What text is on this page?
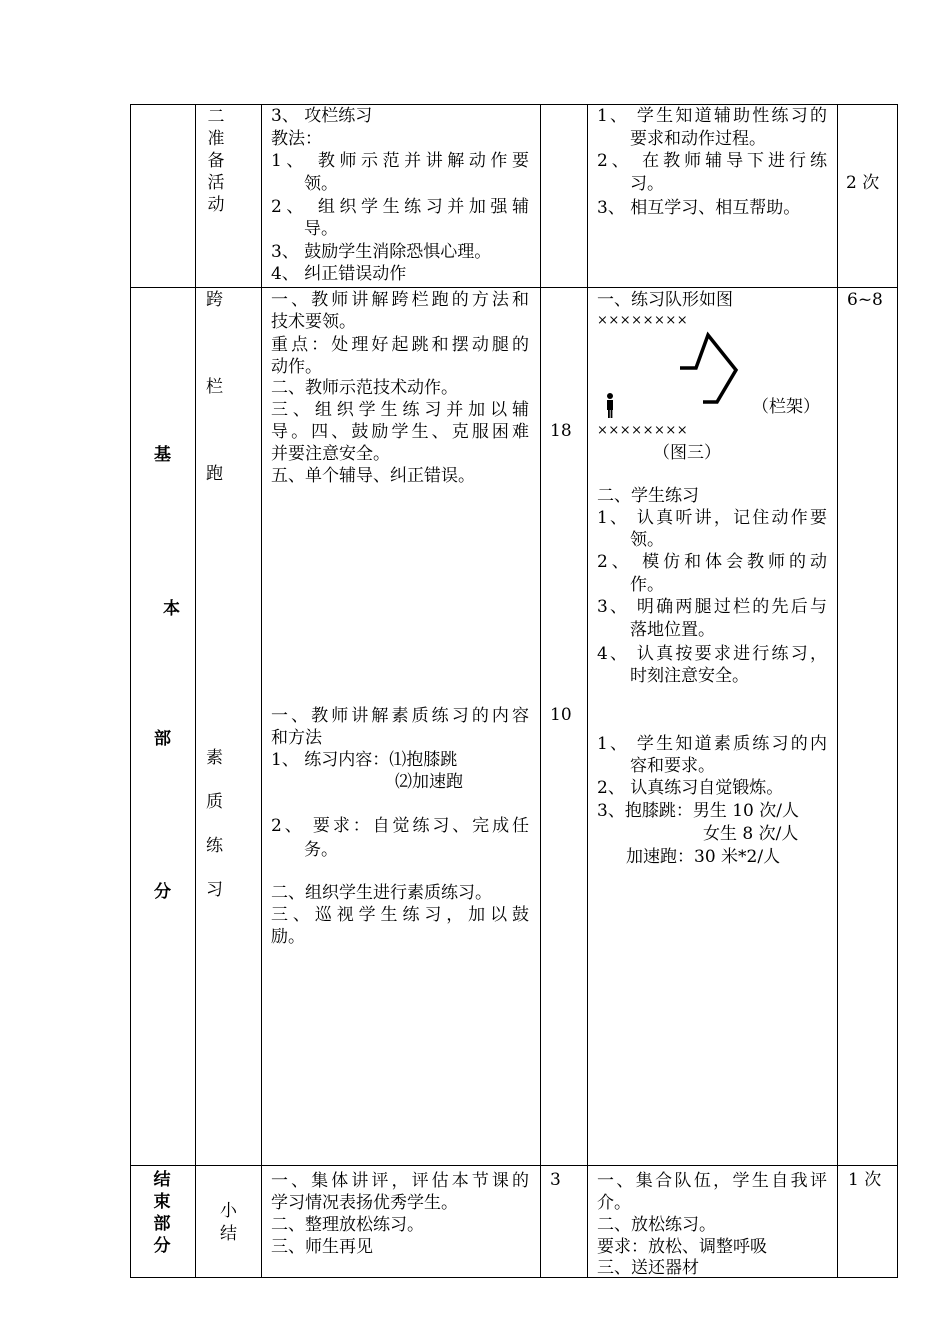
二
准
备
活
动
3、 攻栏练习
教法：
1、 教师示范并讲解动作要
领。
2、 组织学生练习并加强辅
导。
3、 鼓励学生消除恐惧心理。
4、 纠正错误动作
1、 学生知道辅助性练习的
要求和动作过程。
2、 在教师辅导下进行练
习。
3、 相互学习、相互帮助。
2 次
基
本
部
分
跨
栏
跑
素
质
练
习
一、教师讲解跨栏跑的方法和
技术要领。
重点：处理好起跳和摆动腿的
动作。
二、教师示范技术动作。
三、组织学生练习并加以辅
导。四、鼓励学生、克服困难
并要注意安全。
五、单个辅导、纠正错误。
18
一、练习队形如图
××××××××
（栏架）
××××××××
（图三）
二、学生练习
1、 认真听讲，记住动作要
领。
2、 模仿和体会教师的动
作。
3、 明确两腿过栏的先后与
落地位置。
4、 认真按要求进行练习，
时刻注意安全。
6~8
一、教师讲解素质练习的内容
和方法
1、 练习内容：⑴抱膝跳
⑵加速跑
2、 要求：自觉练习、完成任
务。
二、组织学生进行素质练习。
三、巡视学生练习，加以鼓
励。
10
1、 学生知道素质练习的内
容和要求。
2、 认真练习自觉锻炼。
3、抱膝跳：男生 10 次/人
女生 8 次/人
加速跑：30 米*2/人
结
束
部
分
小
结
一、集体讲评，评估本节课的
学习情况表扬优秀学生。
二、整理放松练习。
三、师生再见
3 一、集合队伍，学生自我评
介。
二、放松练习。
要求：放松、调整呼吸
三、送还器材
1 次
